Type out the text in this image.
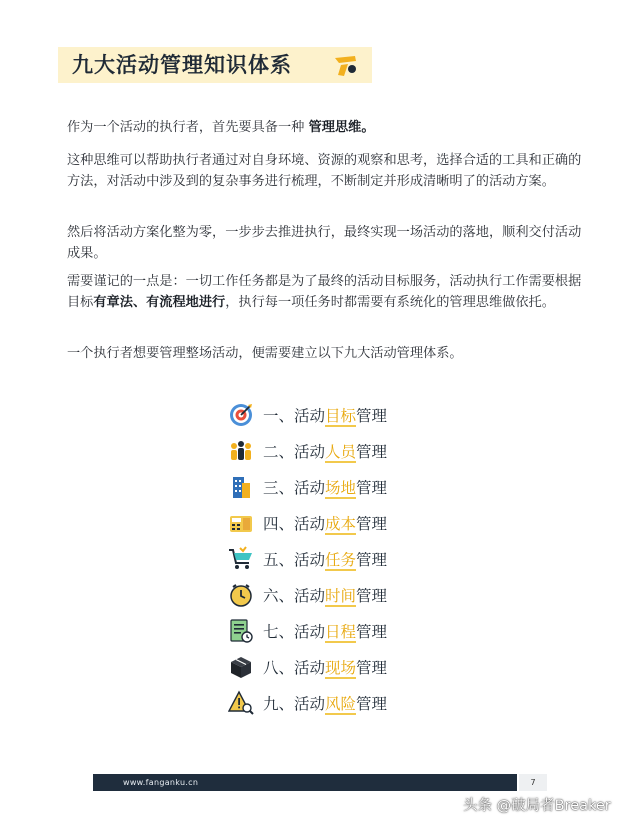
九大活动管理知识体系

作为一个活动的执行者，首先要具备一种 管理思维。

这种思维可以帮助执行者通过对自身环境、资源的观察和思考，选择合适的工具和正确的方法，对活动中涉及到的复杂事务进行梳理，不断制定并形成清晰明了的活动方案。

然后将活动方案化整为零，一步步去推进执行，最终实现一场活动的落地，顺利交付活动成果。

需要谨记的一点是：一切工作任务都是为了最终的活动目标服务，活动执行工作需要根据目标有章法、有流程地进行，执行每一项任务时都需要有系统化的管理思维做依托。

一个执行者想要管理整场活动，便需要建立以下九大活动管理体系。

一、活动目标管理
二、活动人员管理
三、活动场地管理
四、活动成本管理
五、活动任务管理
六、活动时间管理
七、活动日程管理
八、活动现场管理
九、活动风险管理
www.fanganku.cn	7
头条 @破局者Breaker
